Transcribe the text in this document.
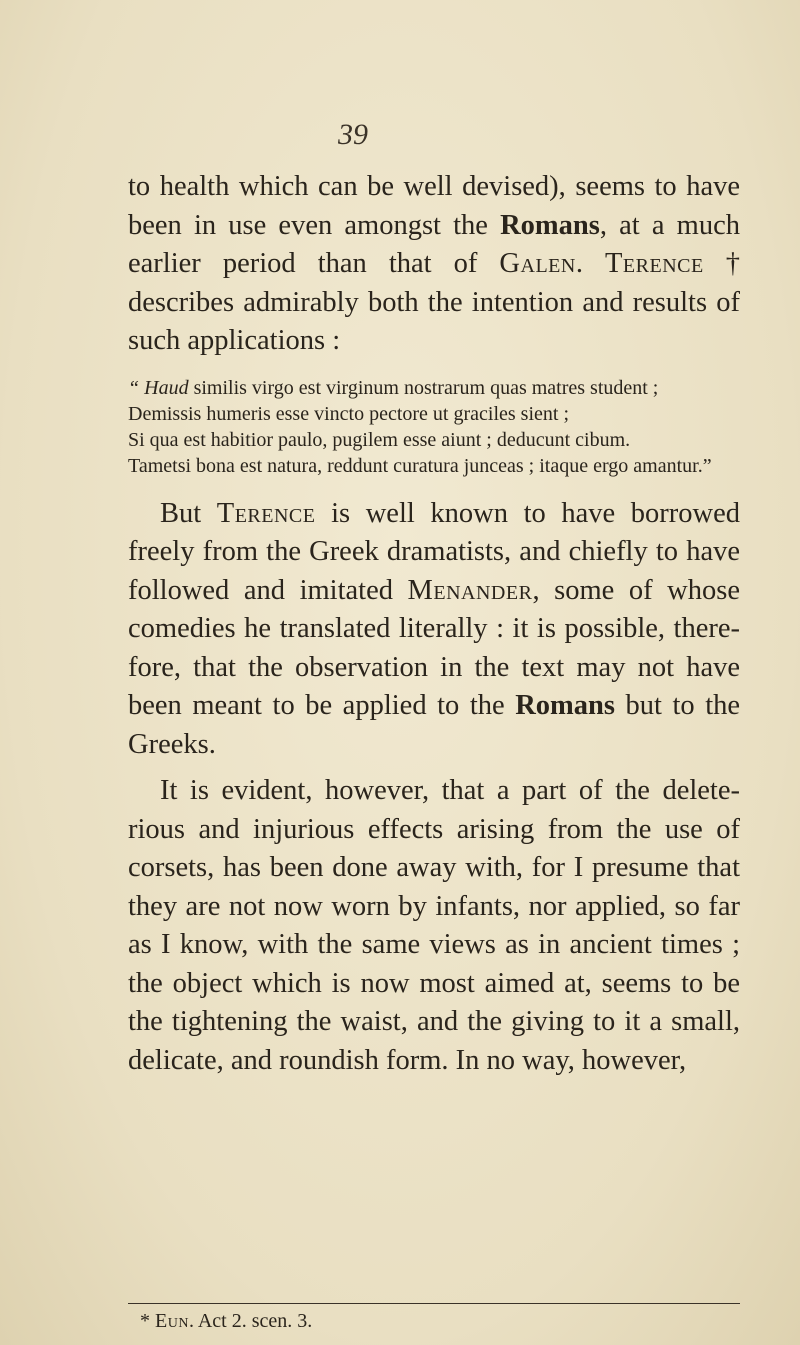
39

to health which can be well devised), seems to have been in use even amongst the Romans, at a much earlier period than that of Galen. Terence † describes admirably both the intention and results of such applications :

“ Haud similis virgo est virginum nostrarum quas matres student ;

Demissis humeris esse vincto pectore ut graciles sient ;

Si qua est habitior paulo, pugilem esse aiunt ; deducunt cibum.

Tametsi bona est natura, reddunt curatura junceas ; itaque ergo amantur.”

But Terence is well known to have borrowed freely from the Greek dramatists, and chiefly to have followed and imitated Menander, some of whose comedies he translated literally : it is possible, there- fore, that the observation in the text may not have been meant to be applied to the Romans but to the Greeks.

It is evident, however, that a part of the delete- rious and injurious effects arising from the use of corsets, has been done away with, for I presume that they are not now worn by infants, nor applied, so far as I know, with the same views as in ancient times ; the object which is now most aimed at, seems to be the tightening the waist, and the giving to it a small, delicate, and roundish form. In no way, however,

* Eun. Act 2. scen. 3.
